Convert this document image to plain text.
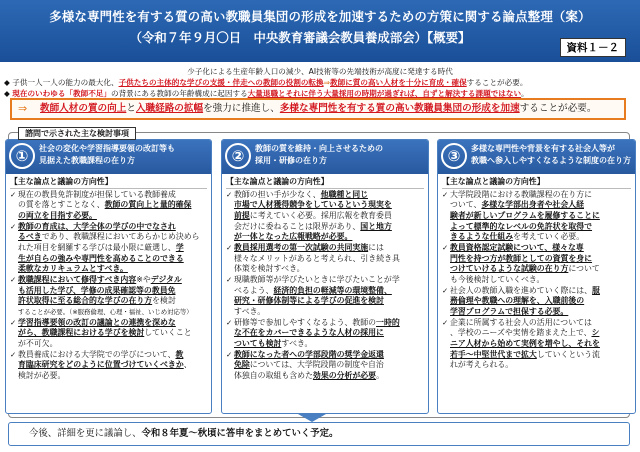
多様な専門性を有する質の高い教職員集団の形成を加速するための方策に関する論点整理（案）
（令和７年９月〇日　中央教育審議会教員養成部会）【概要】
資料１－２
少子化による生産年齢人口の減少、AI技術等の先端技術が高度に発達する時代
◆ 子供一人一人の能力の最大化、子供たちの主体的な学びの支援・伴走への教師の役割の転換⇒教師に質の高い人材を十分に育成・確保することが必要。
◆ 現在のいわゆる「教師不足」の背景にある教師の年齢構成に起因する大量退職とそれに伴う大量採用の時期が過ぎれば、自ずと解決する課題ではない。
⇒ 教師人材の質の向上と入職経路の拡幅を強力に推進し、多様な専門性を有する質の高い教職員集団の形成を加速することが必要。
諮問で示された主な検討事項
①	社会の変化や学習指導要領の改訂等も
見据えた教職課程の在り方
【主な論点と議論の方向性】
✓ 現在の教員免許制度が担保している教師養成
の質を落とすことなく、教師の質向上と量的確保
の両立を目指す必要。
✓ 教師の育成は、大学全体の学びの中でなされ
るべきであり、教職課程においてあらかじめ決めら
れた項目を網羅する学びは最小限に厳選し、学
生が自らの強みや専門性を高めることのできる
柔軟なカリキュラムとすべき。
✓ 教職課程において修得すべき内容※やデジタル
も活用した学び、学修の成果確認等の教員免
許状取得に至る総合的な学びの在り方を検討
することが必要。（※服務倫理、心理・福祉、いじめ対応等）
✓ 学習指導要領の改訂の議論との連携を深めな
がら、教職課程における学びを検討していくこと
が不可欠。
✓ 教員養成における大学院での学びについて、教
育臨床研究をどのように位置づけていくべきか、
検討が必要。
②	教師の質を維持・向上させるための
採用・研修の在り方
【主な論点と議論の方向性】
✓ 教師の担い手が少なく、他職種と同じ
市場で人材獲得競争をしているという現実を
前提に考えていく必要。採用広報を教育委員
会だけに委ねることは限界があり、国と地方
が一体となった広報戦略が必要。
✓ 教員採用選考の第一次試験の共同実施には
様々なメリットがあると考えられ、引き続き具
体策を検討すべき。
✓ 現職教師等が学びたいときに学びたいことが学
べるよう、経済的負担の軽減等の環境整備、
研究・研修体制等による学びの促進を検討
すべき。
✓ 研修等で参加しやすくなるよう、教師の一時的
な不在をカバーできるような人材の採用に
ついても検討すべき。
✓ 教師になった者への学部段階の奨学金返還
免除については、大学院段階の制度や自治
体独自の取組も含めた効果の分析が必要。
③	多様な専門性や背景を有する社会人等が
教職へ参入しやすくなるような制度の在り方
【主な論点と議論の方向性】
✓ 大学院段階における教職課程の在り方に
ついて、多様な学部出身者や社会人経
験者が新しいプログラムを履修することに
よって標準的なレベルの免許状を取得で
きるような仕組みを考えていく必要。
✓ 教員資格認定試験について、様々な専
門性を持つ方が教師としての資質を身に
つけていけるような試験の在り方について
も今後検討していくべき。
✓ 社会人の教師入職を進めていく際には、服
務倫理や教職への理解を、入職前後の
学習プログラムで担保する必要。
✓ 企業に所属する社会人の活用については
、学校のニーズや実情を踏まえた上で、シ
ニア人材から始めて実例を増やし、それを
若手～中堅世代まで拡大していくという流
れが考えられる。
今後、詳細を更に議論し、令和８年夏～秋頃に答申をまとめていく予定。
